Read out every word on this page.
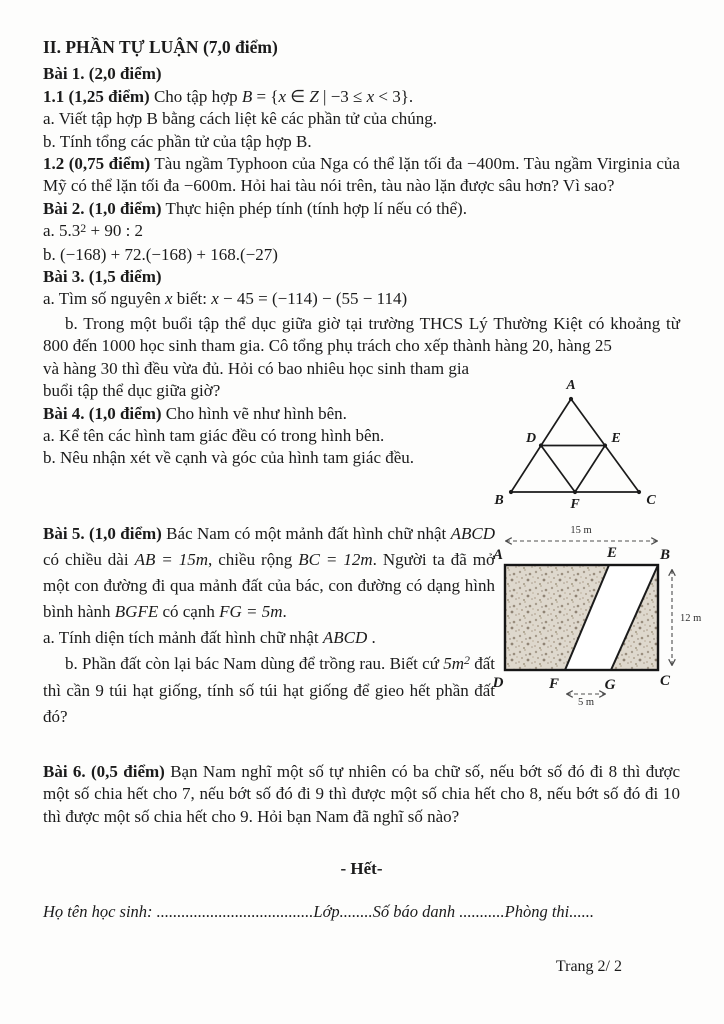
II. PHẦN TỰ LUẬN (7,0 điểm)

Bài 1. (2,0 điểm)

1.1 (1,25 điểm) Cho tập hợp B = {x ∈ Z | −3 ≤ x < 3}.

a. Viết tập hợp B bằng cách liệt kê các phần tử của chúng.

b. Tính tổng các phần tử của tập hợp B.

1.2 (0,75 điểm) Tàu ngầm Typhoon của Nga có thể lặn tối đa −400m. Tàu ngầm Virginia của Mỹ có thể lặn tối đa −600m. Hỏi hai tàu nói trên, tàu nào lặn được sâu hơn? Vì sao?

Bài 2. (1,0 điểm) Thực hiện phép tính (tính hợp lí nếu có thể).

a. $5.3^2 + 90$ : 2

b. (−168) + 72.(−168) + 168.(−27)

Bài 3. (1,5 điểm)

a. Tìm số nguyên x biết: x − 45 = (−114) − (55 − 114)

b. Trong một buổi tập thể dục giữa giờ tại trường THCS Lý Thường Kiệt có khoảng từ 800 đến 1000 học sinh tham gia. Cô tổng phụ trách cho xếp thành hàng 20, hàng 25

và hàng 30 thì đều vừa đủ. Hỏi có bao nhiêu học sinh tham gia buổi tập thể dục giữa giờ?

Bài 4. (1,0 điểm) Cho hình vẽ như hình bên.

a. Kể tên các hình tam giác đều có trong hình bên.

b. Nêu nhận xét về cạnh và góc của hình tam giác đều.

A
D	E
B	F	C

Bài 5. (1,0 điểm) Bác Nam có một mảnh đất hình chữ nhật ABCD có chiều dài AB = 15m, chiều rộng BC = 12m. Người ta đã mở một con đường đi qua mảnh đất của bác, con đường có dạng hình bình hành BGFE có cạnh FG = 5m.

a. Tính diện tích mảnh đất hình chữ nhật ABCD .

b. Phần đất còn lại bác Nam dùng để trồng rau. Biết cứ $5m^2$ đất thì cần 9 túi hạt giống, tính số túi hạt giống để gieo hết phần đất đó?

15 m
A	E	B
D	F	G	C
5 m
12 m

Bài 6. (0,5 điểm) Bạn Nam nghĩ một số tự nhiên có ba chữ số, nếu bớt số đó đi 8 thì được một số chia hết cho 7, nếu bớt số đó đi 9 thì được một số chia hết cho 8, nếu bớt số đó đi 10 thì được một số chia hết cho 9. Hỏi bạn Nam đã nghĩ số nào?

- Hết-

Họ tên học sinh: ......................................Lớp........Số báo danh ...........Phòng thi......

Trang 2/ 2
